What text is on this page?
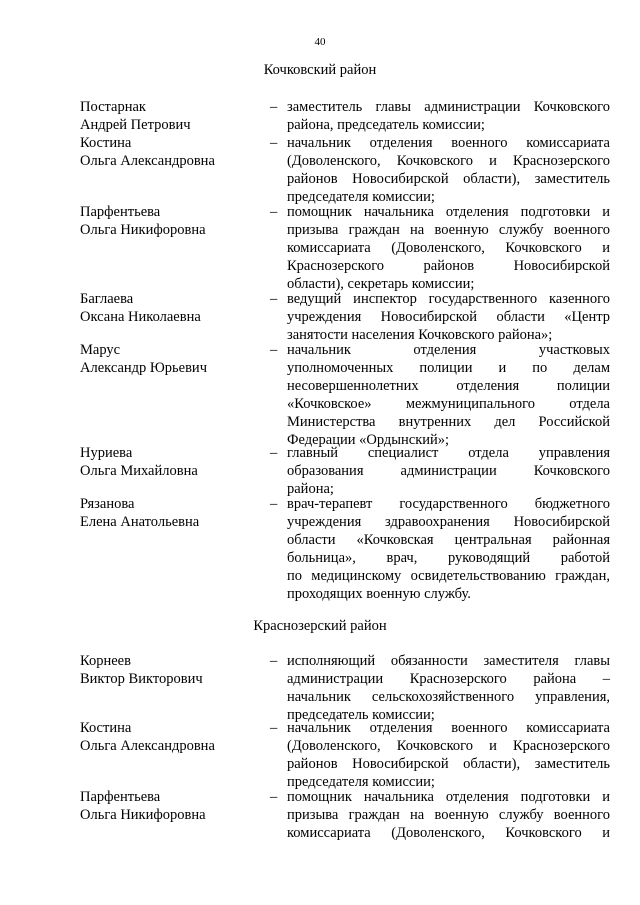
40
Кочковский район
Постарнак
Андрей Петрович
– заместитель главы администрации Кочковского
района, председатель комиссии;
Костина
Ольга Александровна
– начальник отделения военного комиссариата
(Доволенского, Кочковского и Краснозерского
районов Новосибирской области), заместитель
председателя комиссии;
Парфентьева
Ольга Никифоровна
– помощник начальника отделения подготовки и
призыва граждан на военную службу военного
комиссариата (Доволенского, Кочковского и
Краснозерского районов Новосибирской
области), секретарь комиссии;
Баглаева
Оксана Николаевна
– ведущий инспектор государственного казенного
учреждения Новосибирской области «Центр
занятости населения Кочковского района»;
Марус
Александр Юрьевич
– начальник отделения участковых
уполномоченных полиции и по делам
несовершеннолетних отделения полиции
«Кочковское» межмуниципального отдела
Министерства внутренних дел Российской
Федерации «Ордынский»;
Нуриева
Ольга Михайловна
– главный специалист отдела управления
образования администрации Кочковского
района;
Рязанова
Елена Анатольевна
– врач-терапевт государственного бюджетного
учреждения здравоохранения Новосибирской
области «Кочковская центральная районная
больница», врач, руководящий работой
по медицинскому освидетельствованию граждан,
проходящих военную службу.
Краснозерский район
Корнеев
Виктор Викторович
– исполняющий обязанности заместителя главы
администрации Краснозерского района –
начальник сельскохозяйственного управления,
председатель комиссии;
Костина
Ольга Александровна
– начальник отделения военного комиссариата
(Доволенского, Кочковского и Краснозерского
районов Новосибирской области), заместитель
председателя комиссии;
Парфентьева
Ольга Никифоровна
– помощник начальника отделения подготовки и
призыва граждан на военную службу военного
комиссариата (Доволенского, Кочковского и
